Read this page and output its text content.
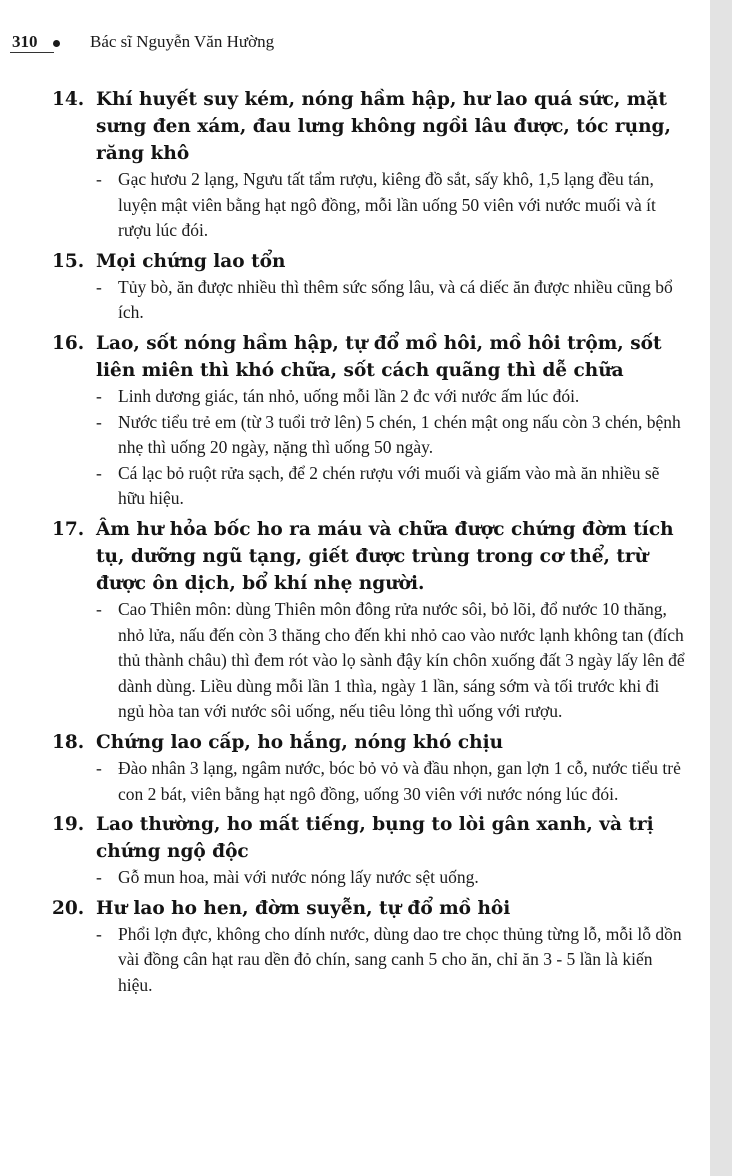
310	Bác sĩ Nguyễn Văn Hường
14. Khí huyết suy kém, nóng hầm hập, hư lao quá sức, mặt sưng đen xám, đau lưng không ngồi lâu được, tóc rụng, răng khô
- Gạc hươu 2 lạng, Ngưu tất tẩm rượu, kiêng đồ sắt, sấy khô, 1,5 lạng đều tán, luyện mật viên bằng hạt ngô đồng, mỗi lần uống 50 viên với nước muối và ít rượu lúc đói.
15. Mọi chứng lao tổn
- Tủy bò, ăn được nhiều thì thêm sức sống lâu, và cá diếc ăn được nhiều cũng bổ ích.
16. Lao, sốt nóng hầm hập, tự đổ mồ hôi, mồ hôi trộm, sốt liên miên thì khó chữa, sốt cách quãng thì dễ chữa
- Linh dương giác, tán nhỏ, uống mỗi lần 2 đc với nước ấm lúc đói.
- Nước tiểu trẻ em (từ 3 tuổi trở lên) 5 chén, 1 chén mật ong nấu còn 3 chén, bệnh nhẹ thì uống 20 ngày, nặng thì uống 50 ngày.
- Cá lạc bỏ ruột rửa sạch, để 2 chén rượu với muối và giấm vào mà ăn nhiều sẽ hữu hiệu.
17. Âm hư hỏa bốc ho ra máu và chữa được chứng đờm tích tụ, dưỡng ngũ tạng, giết được trùng trong cơ thể, trừ được ôn dịch, bổ khí nhẹ người.
- Cao Thiên môn: dùng Thiên môn đông rửa nước sôi, bỏ lõi, đổ nước 10 thăng, nhỏ lửa, nấu đến còn 3 thăng cho đến khi nhỏ cao vào nước lạnh không tan (đích thủ thành châu) thì đem rót vào lọ sành đậy kín chôn xuống đất 3 ngày lấy lên để dành dùng. Liều dùng mỗi lần 1 thìa, ngày 1 lần, sáng sớm và tối trước khi đi ngủ hòa tan với nước sôi uống, nếu tiêu lỏng thì uống với rượu.
18. Chứng lao cấp, ho hắng, nóng khó chịu
- Đào nhân 3 lạng, ngâm nước, bóc bỏ vỏ và đầu nhọn, gan lợn 1 cỗ, nước tiểu trẻ con 2 bát, viên bằng hạt ngô đồng, uống 30 viên với nước nóng lúc đói.
19. Lao thường, ho mất tiếng, bụng to lòi gân xanh, và trị chứng ngộ độc
- Gỗ mun hoa, mài với nước nóng lấy nước sệt uống.
20. Hư lao ho hen, đờm suyễn, tự đổ mồ hôi
- Phổi lợn đực, không cho dính nước, dùng dao tre chọc thủng từng lỗ, mỗi lỗ dồn vài đồng cân hạt rau dền đỏ chín, sang canh 5 cho ăn, chỉ ăn 3 - 5 lần là kiến hiệu.
